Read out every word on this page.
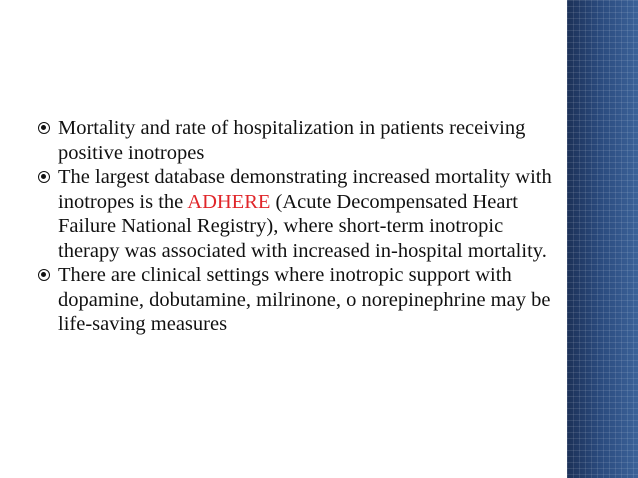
Mortality and rate of hospitalization in patients receiving positive inotropes

The largest database demonstrating increased mortality with inotropes is the ADHERE (Acute Decompensated Heart Failure National Registry), where short-term inotropic therapy was associated with increased in-hospital mortality.

There are clinical settings where inotropic support with dopamine, dobutamine, milrinone, o norepinephrine may be life-saving measures
